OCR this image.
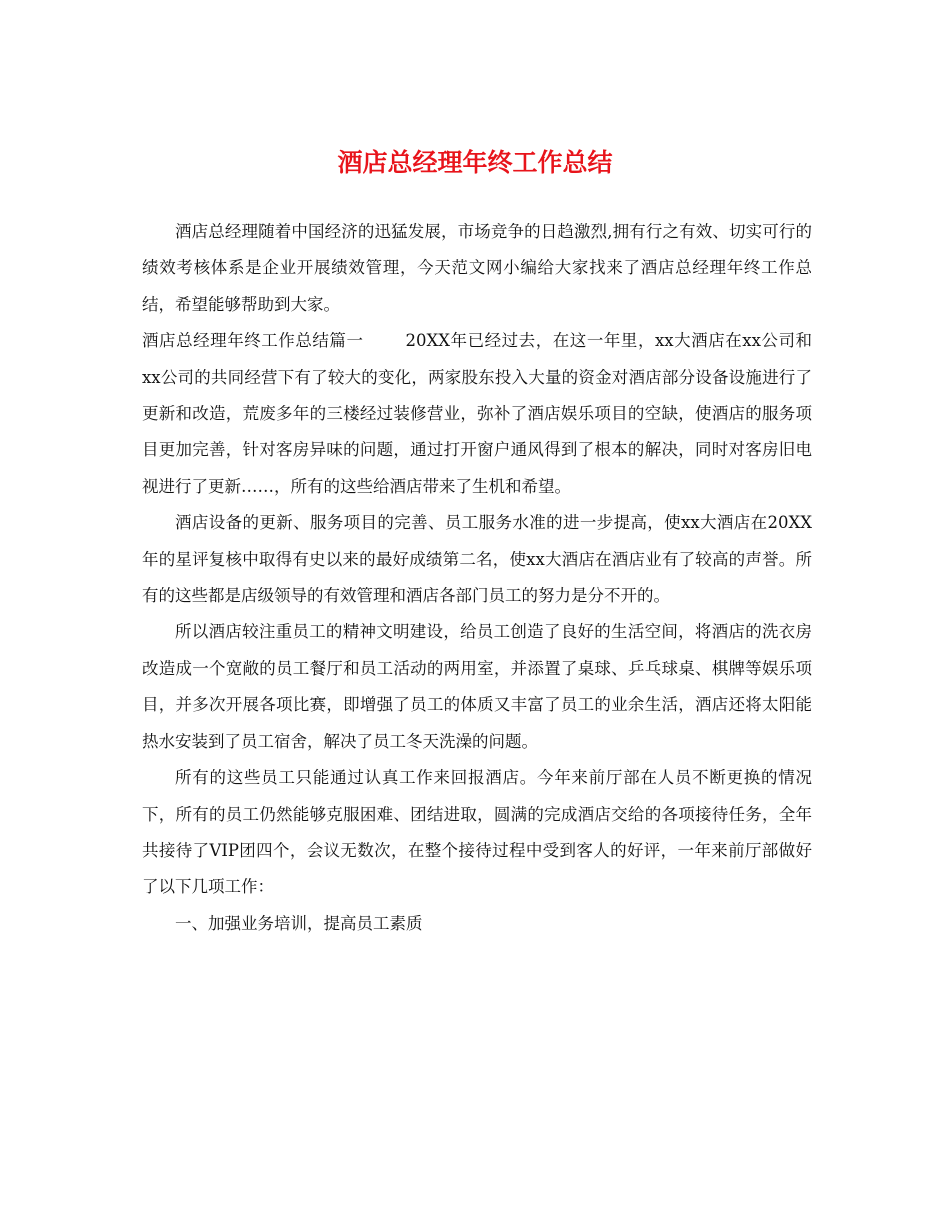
酒店总经理年终工作总结

酒店总经理随着中国经济的迅猛发展，市场竞争的日趋激烈,拥有行之有效、切实可行的绩效考核体系是企业开展绩效管理，今天范文网小编给大家找来了酒店总经理年终工作总结，希望能够帮助到大家。

酒店总经理年终工作总结篇一	20XX年已经过去，在这一年里，xx大酒店在xx公司和xx公司的共同经营下有了较大的变化，两家股东投入大量的资金对酒店部分设备设施进行了更新和改造，荒废多年的三楼经过装修营业，弥补了酒店娱乐项目的空缺，使酒店的服务项目更加完善，针对客房异味的问题，通过打开窗户通风得到了根本的解决，同时对客房旧电视进行了更新……，所有的这些给酒店带来了生机和希望。

酒店设备的更新、服务项目的完善、员工服务水准的进一步提高，使xx大酒店在20XX年的星评复核中取得有史以来的最好成绩第二名，使xx大酒店在酒店业有了较高的声誉。所有的这些都是店级领导的有效管理和酒店各部门员工的努力是分不开的。

所以酒店较注重员工的精神文明建设，给员工创造了良好的生活空间，将酒店的洗衣房改造成一个宽敞的员工餐厅和员工活动的两用室，并添置了桌球、乒乓球桌、棋牌等娱乐项目，并多次开展各项比赛，即增强了员工的体质又丰富了员工的业余生活，酒店还将太阳能热水安装到了员工宿舍，解决了员工冬天洗澡的问题。

所有的这些员工只能通过认真工作来回报酒店。今年来前厅部在人员不断更换的情况下，所有的员工仍然能够克服困难、团结进取，圆满的完成酒店交给的各项接待任务，全年共接待了VIP团四个，会议无数次，在整个接待过程中受到客人的好评，一年来前厅部做好了以下几项工作：

一、加强业务培训，提高员工素质
